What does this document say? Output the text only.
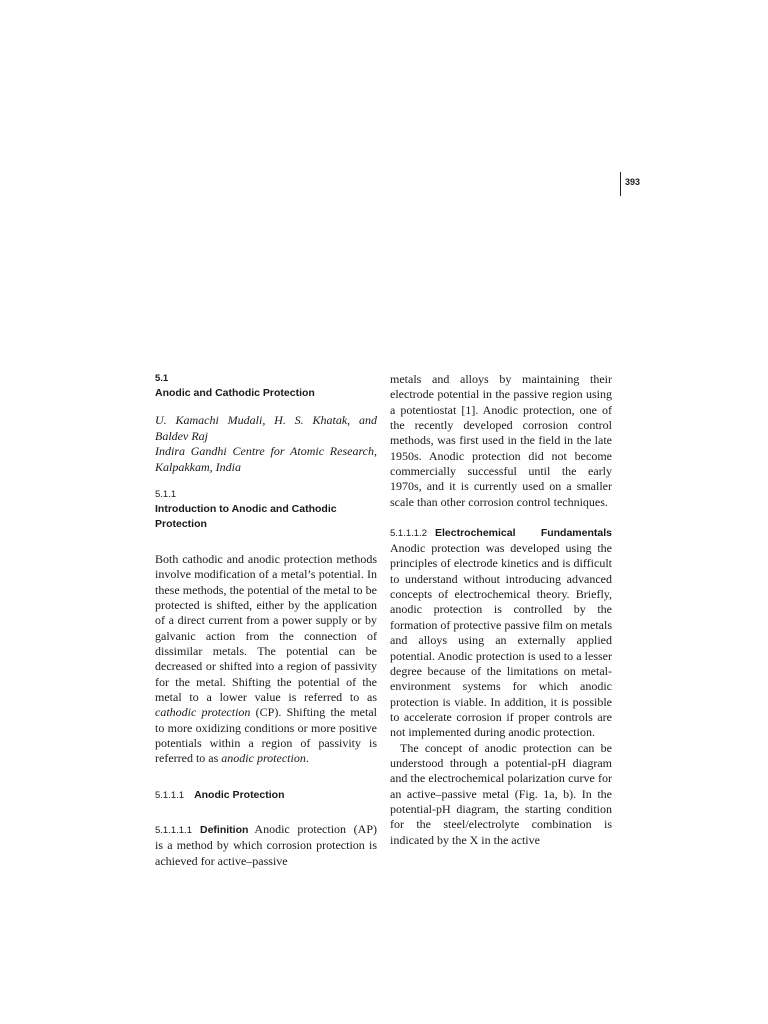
393
5.1
Anodic and Cathodic Protection

U. Kamachi Mudali, H. S. Khatak, and Baldev Raj

Indira Gandhi Centre for Atomic Research, Kalpakkam, India

5.1.1
Introduction to Anodic and Cathodic Protection

Both cathodic and anodic protection methods involve modification of a metal’s potential. In these methods, the potential of the metal to be protected is shifted, either by the application of a direct current from a power supply or by galvanic action from the connection of dissimilar metals. The potential can be decreased or shifted into a region of passivity for the metal. Shifting the potential of the metal to a lower value is referred to as cathodic protection (CP). Shifting the metal to more oxidizing conditions or more positive potentials within a region of passivity is referred to as anodic protection.

5.1.1.1 Anodic Protection

5.1.1.1.1 Definition Anodic protection (AP) is a method by which corrosion protection is achieved for active–passive

metals and alloys by maintaining their electrode potential in the passive region using a potentiostat [1]. Anodic protection, one of the recently developed corrosion control methods, was first used in the field in the late 1950s. Anodic protection did not become commercially successful until the early 1970s, and it is currently used on a smaller scale than other corrosion control techniques.

5.1.1.1.2 Electrochemical	Fundamentals

Anodic protection was developed using the principles of electrode kinetics and is difficult to understand without introducing advanced concepts of electrochemical theory. Briefly, anodic protection is controlled by the formation of protective passive film on metals and alloys using an externally applied potential. Anodic protection is used to a lesser degree because of the limitations on metal-environment systems for which anodic protection is viable. In addition, it is possible to accelerate corrosion if proper controls are not implemented during anodic protection.

The concept of anodic protection can be understood through a potential-pH diagram and the electrochemical polarization curve for an active–passive metal (Fig. 1a, b). In the potential-pH diagram, the starting condition for the steel/electrolyte combination is indicated by the X in the active
